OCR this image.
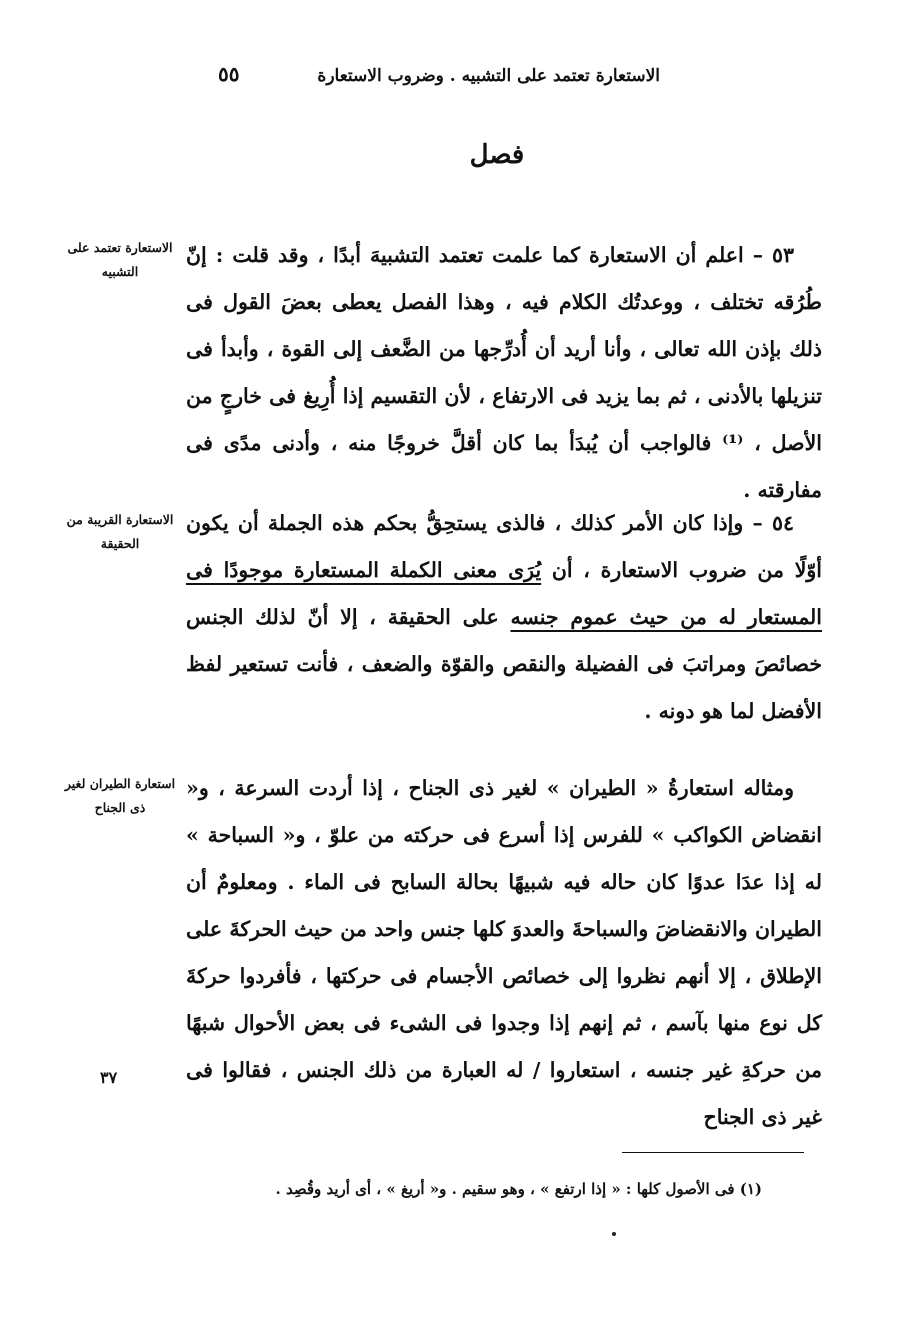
الاستعارة تعتمد على التشبيه . وضروب الاستعارة
٥٥
فصل

٥٣ – اعلم أن الاستعارة كما علمت تعتمد التشبيهَ أبدًا ، وقد قلت : إنّ طُرُقه تختلف ، ووعدتُك الكلام فيه ، وهذا الفصل يعطى بعضَ القول فى ذلك بإذن الله تعالى ، وأنا أريد أن أُدرِّجها من الضَّعف إلى القوة ، وأبدأ فى تنزيلها بالأدنى ، ثم بما يزيد فى الارتفاع ، لأن التقسيم إذا أُرِيغ فى خارجٍ من الأصل ، ⁽¹⁾ فالواجب أن يُبدَأ بما كان أقلَّ خروجًا منه ، وأدنى مدًى فى مفارقته .

٥٤ – وإذا كان الأمر كذلك ، فالذى يستحِقُّ بحكم هذه الجملة أن يكون أوّلًا من ضروب الاستعارة ، أن يُرَى معنى الكملة المستعارة موجودًا فى المستعار له من حيث عموم جنسه على الحقيقة ، إلا أنّ لذلك الجنس خصائصَ ومراتبَ فى الفضيلة والنقص والقوّة والضعف ، فأنت تستعير لفظ الأفضل لما هو دونه .

ومثاله استعارةُ « الطيران » لغير ذى الجناح ، إذا أردت السرعة ، و« انقضاض الكواكب » للفرس إذا أسرع فى حركته من علوّ ، و« السباحة » له إذا عدَا عدوًا كان حاله فيه شبيهًا بحالة السابح فى الماء . ومعلومٌ أن الطيران والانقضاضَ والسباحةَ والعدوَ كلها جنس واحد من حيث الحركةَ على الإطلاق ، إلا أنهم نظروا إلى خصائص الأجسام فى حركتها ، فأفردوا حركةَ كل نوع منها بآسم ، ثم إنهم إذا وجدوا فى الشىء فى بعض الأحوال شبهًا من حركةِ غير جنسه ، استعاروا / له العبارة من ذلك الجنس ، فقالوا فى غير ذى الجناح

الاستعارة تعتمد على التشبيه
الاستعارة القريبة من الحقيقة
استعارة الطيران لغير ذى الجناح
٣٧
(١) فى الأصول كلها : « إذا ارتفع » ، وهو سقيم . و« أريغ » ، أى أريد وقُصِد .
